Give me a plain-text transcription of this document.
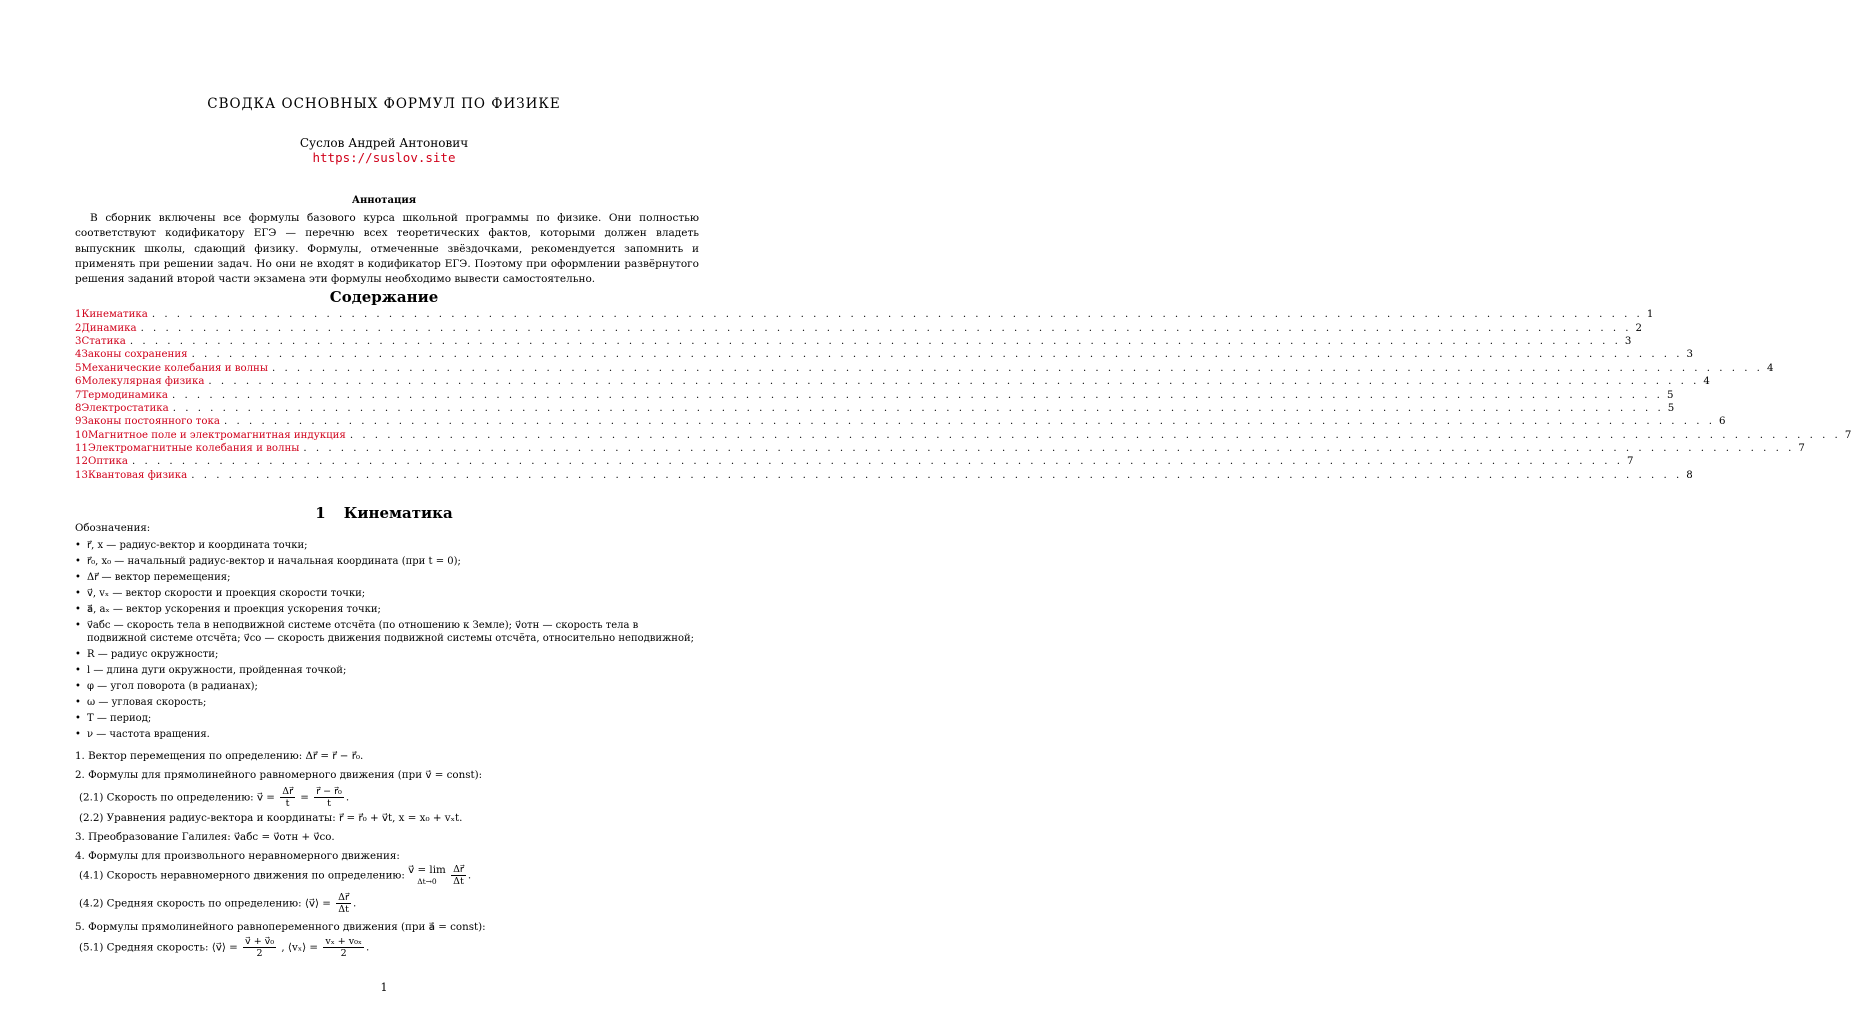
СВОДКА ОСНОВНЫХ ФОРМУЛ ПО ФИЗИКЕ
Суслов Андрей Антонович
https://suslov.site
Аннотация
В сборник включены все формулы базового курса школьной программы по физике. Они полностью соответствуют кодификатору ЕГЭ — перечню всех теоретических фактов, которыми должен владеть выпускник школы, сдающий физику. Формулы, отмеченные звёздочками, рекомендуется запомнить и применять при решении задач. Но они не входят в кодификатор ЕГЭ. Поэтому при оформлении развёрнутого решения заданий второй части экзамена эти формулы необходимо вывести самостоятельно.
Содержание
1 Кинематика . . . . . . . . . . . . . . . . . . . . . . . . . . . . . . . . . . . . . . . . . . . . . . . . . . . . . . . . . . . . . . . . . . . . . . . . . . . . . . . . . . . . . . . . . . . . . . . . . . . . . . . . . . . . . . . . . . . . . . . . 1
2 Динамика . . . . . . . . . . . . . . . . . . . . . . . . . . . . . . . . . . . . . . . . . . . . . . . . . . . . . . . . . . . . . . . . . . . . . . . . . . . . . . . . . . . . . . . . . . . . . . . . . . . . . . . . . . . . . . . . . . . . . . . . 2
3 Статика . . . . . . . . . . . . . . . . . . . . . . . . . . . . . . . . . . . . . . . . . . . . . . . . . . . . . . . . . . . . . . . . . . . . . . . . . . . . . . . . . . . . . . . . . . . . . . . . . . . . . . . . . . . . . . . . . . . . . . . . 3
4 Законы сохранения . . . . . . . . . . . . . . . . . . . . . . . . . . . . . . . . . . . . . . . . . . . . . . . . . . . . . . . . . . . . . . . . . . . . . . . . . . . . . . . . . . . . . . . . . . . . . . . . . . . . . . . . . . . . . . . . . . . . . . . . 3
5 Механические колебания и волны . . . . . . . . . . . . . . . . . . . . . . . . . . . . . . . . . . . . . . . . . . . . . . . . . . . . . . . . . . . . . . . . . . . . . . . . . . . . . . . . . . . . . . . . . . . . . . . . . . . . . . . . . . . . . . . . . . . . . . . . 4
6 Молекулярная физика . . . . . . . . . . . . . . . . . . . . . . . . . . . . . . . . . . . . . . . . . . . . . . . . . . . . . . . . . . . . . . . . . . . . . . . . . . . . . . . . . . . . . . . . . . . . . . . . . . . . . . . . . . . . . . . . . . . . . . . . 4
7 Термодинамика . . . . . . . . . . . . . . . . . . . . . . . . . . . . . . . . . . . . . . . . . . . . . . . . . . . . . . . . . . . . . . . . . . . . . . . . . . . . . . . . . . . . . . . . . . . . . . . . . . . . . . . . . . . . . . . . . . . . . . . . 5
8 Электростатика . . . . . . . . . . . . . . . . . . . . . . . . . . . . . . . . . . . . . . . . . . . . . . . . . . . . . . . . . . . . . . . . . . . . . . . . . . . . . . . . . . . . . . . . . . . . . . . . . . . . . . . . . . . . . . . . . . . . . . . . 5
9 Законы постоянного тока . . . . . . . . . . . . . . . . . . . . . . . . . . . . . . . . . . . . . . . . . . . . . . . . . . . . . . . . . . . . . . . . . . . . . . . . . . . . . . . . . . . . . . . . . . . . . . . . . . . . . . . . . . . . . . . . . . . . . . . . 6
10 Магнитное поле и электромагнитная индукция . . . . . . . . . . . . . . . . . . . . . . . . . . . . . . . . . . . . . . . . . . . . . . . . . . . . . . . . . . . . . . . . . . . . . . . . . . . . . . . . . . . . . . . . . . . . . . . . . . . . . . . . . . . . . . . . . . . . . . . . 7
11 Электромагнитные колебания и волны . . . . . . . . . . . . . . . . . . . . . . . . . . . . . . . . . . . . . . . . . . . . . . . . . . . . . . . . . . . . . . . . . . . . . . . . . . . . . . . . . . . . . . . . . . . . . . . . . . . . . . . . . . . . . . . . . . . . . . . . 7
12 Оптика . . . . . . . . . . . . . . . . . . . . . . . . . . . . . . . . . . . . . . . . . . . . . . . . . . . . . . . . . . . . . . . . . . . . . . . . . . . . . . . . . . . . . . . . . . . . . . . . . . . . . . . . . . . . . . . . . . . . . . . . 7
13 Квантовая физика . . . . . . . . . . . . . . . . . . . . . . . . . . . . . . . . . . . . . . . . . . . . . . . . . . . . . . . . . . . . . . . . . . . . . . . . . . . . . . . . . . . . . . . . . . . . . . . . . . . . . . . . . . . . . . . . . . . . . . . . 8
1 Кинематика
Обозначения:
• r⃗, x — радиус-вектор и координата точки;
• r⃗₀, x₀ — начальный радиус-вектор и начальная координата (при t = 0);
• Δr⃗ — вектор перемещения;
• v⃗, vₓ — вектор скорости и проекция скорости точки;
• a⃗, aₓ — вектор ускорения и проекция ускорения точки;
• v⃗абс — скорость тела в неподвижной системе отсчёта (по отношению к Земле); v⃗отн — скорость тела в подвижной системе отсчёта; v⃗со — скорость движения подвижной системы отсчёта, относительно неподвижной;
• R — радиус окружности;
• l — длина дуги окружности, пройденная точкой;
• φ — угол поворота (в радианах);
• ω — угловая скорость;
• T — период;
• ν — частота вращения.
1. Вектор перемещения по определению: Δr⃗ = r⃗ − r⃗₀.
2. Формулы для прямолинейного равномерного движения (при v⃗ = const):
(2.1) Скорость по определению: v⃗ = $\frac{\Delta r⃗}{t} = \frac{\text{r⃗ − r⃗₀}}{t}$ .
(2.2) Уравнения радиус-вектора и координаты: r⃗ = r⃗₀ + v⃗t, x = x₀ + vₓt.
3. Преобразование Галилея: v⃗абс = v⃗отн + v⃗со.
4. Формулы для произвольного неравномерного движения:
(4.1) Скорость неравномерного движения по определению: v⃗ = lim
Δt→0
	$\frac{\Delta r⃗}{\Delta t}$ .
(4.2) Средняя скорость по определению: ⟨v⃗⟩ = $\frac{\Delta r⃗}{\Delta t}$ .
5. Формулы прямолинейного равнопеременного движения (при a⃗ = const):
(5.1) Средняя скорость: ⟨v⃗⟩ = $\frac{\text{v⃗ + v⃗₀}}{2}$ , ⟨vₓ⟩ = $\frac{\text{vₓ + v₀ₓ}}{2}$ .
1
